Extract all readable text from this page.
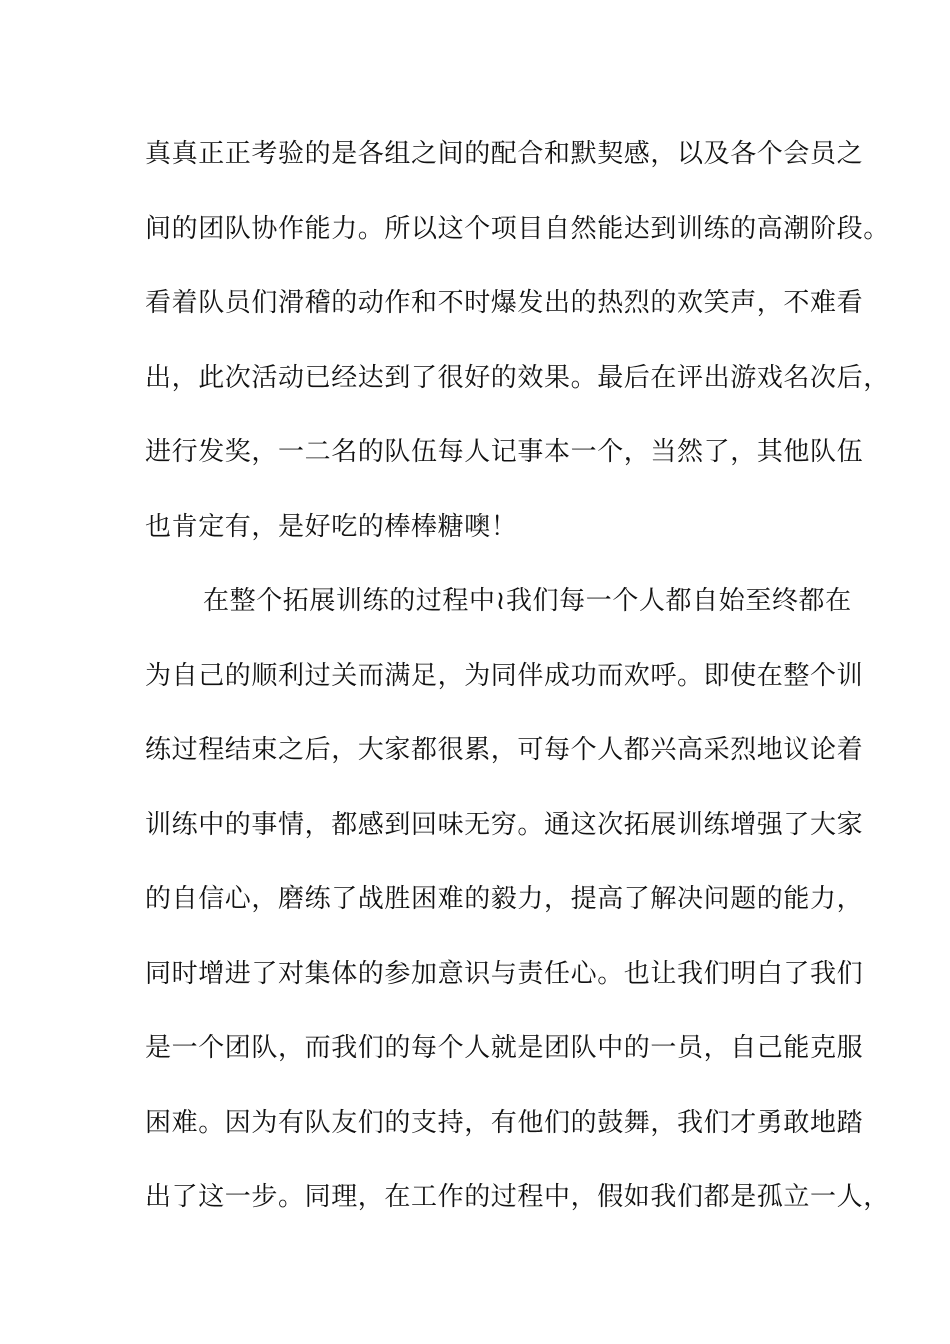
真真正正考验的是各组之间的配合和默契感，以及各个会员之
间的团队协作能力。所以这个项目自然能达到训练的高潮阶段。
看着队员们滑稽的动作和不时爆发出的热烈的欢笑声，不难看
出，此次活动已经达到了很好的效果。最后在评出游戏名次后，
进行发奖，一二名的队伍每人记事本一个，当然了，其他队伍
也肯定有，是好吃的棒棒糖噢！
在整个拓展训练的过程中≀我们每一个人都自始至终都在
为自己的顺利过关而满足，为同伴成功而欢呼。即使在整个训
练过程结束之后，大家都很累，可每个人都兴高采烈地议论着
训练中的事情，都感到回味无穷。通这次拓展训练增强了大家
的自信心，磨练了战胜困难的毅力，提高了解决问题的能力，
同时增进了对集体的参加意识与责任心。也让我们明白了我们
是一个团队，而我们的每个人就是团队中的一员，自己能克服
困难。因为有队友们的支持，有他们的鼓舞，我们才勇敢地踏
出了这一步。同理，在工作的过程中，假如我们都是孤立一人，
